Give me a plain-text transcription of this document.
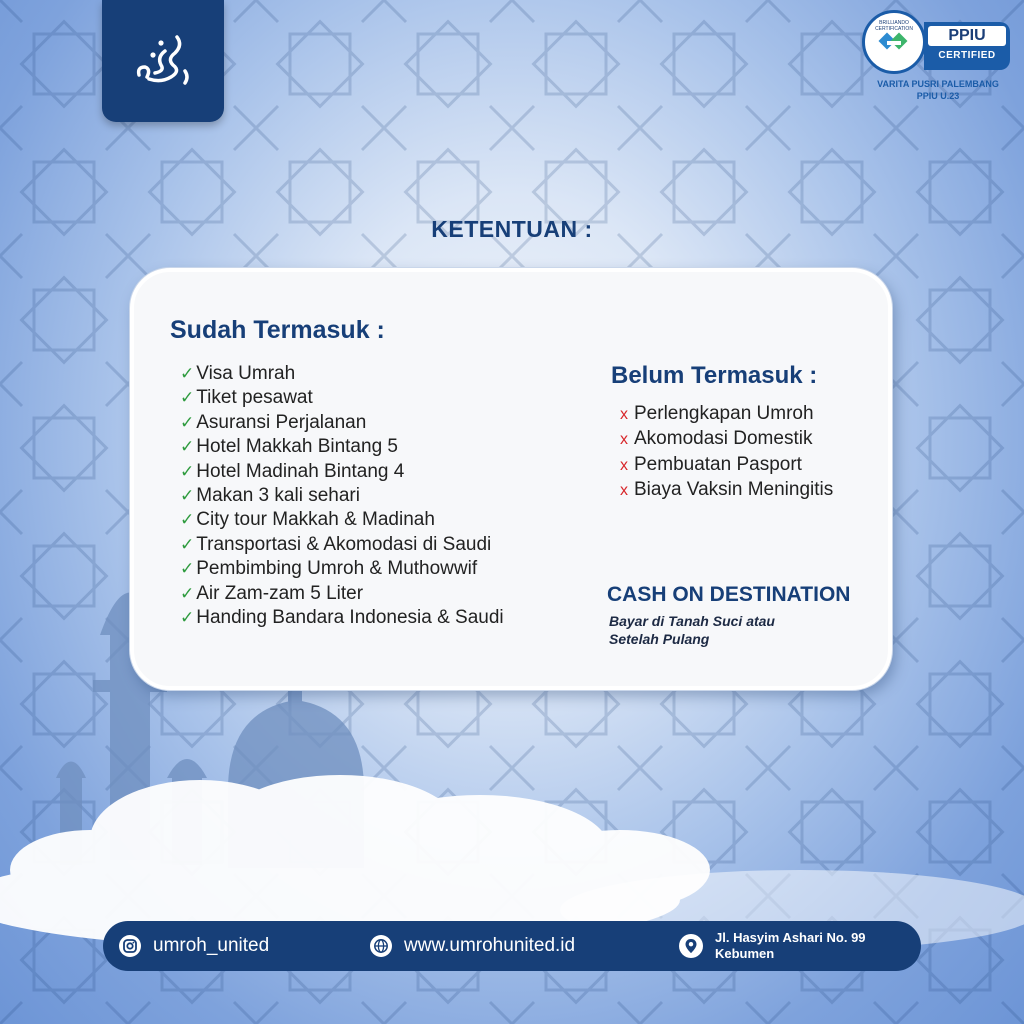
BRILLIANDO CERTIFICATION	PPIU
CERTIFIED
VARITA PUSRI PALEMBANG
PPIU U.23
KETENTUAN :
Sudah Termasuk :
✓ Visa Umrah
✓ Tiket pesawat
✓ Asuransi Perjalanan
✓ Hotel Makkah Bintang 5
✓ Hotel Madinah Bintang 4
✓ Makan 3 kali sehari
✓ City tour Makkah & Madinah
✓ Transportasi & Akomodasi di Saudi
✓ Pembimbing Umroh & Muthowwif
✓ Air Zam-zam 5 Liter
✓ Handing Bandara Indonesia & Saudi
Belum Termasuk :
x Perlengkapan Umroh
x Akomodasi Domestik
x Pembuatan Pasport
x Biaya Vaksin Meningitis
CASH ON DESTINATION
Bayar di Tanah Suci atau
Setelah Pulang
umroh_united	www.umrohunited.id	Jl. Hasyim Ashari No. 99
Kebumen
